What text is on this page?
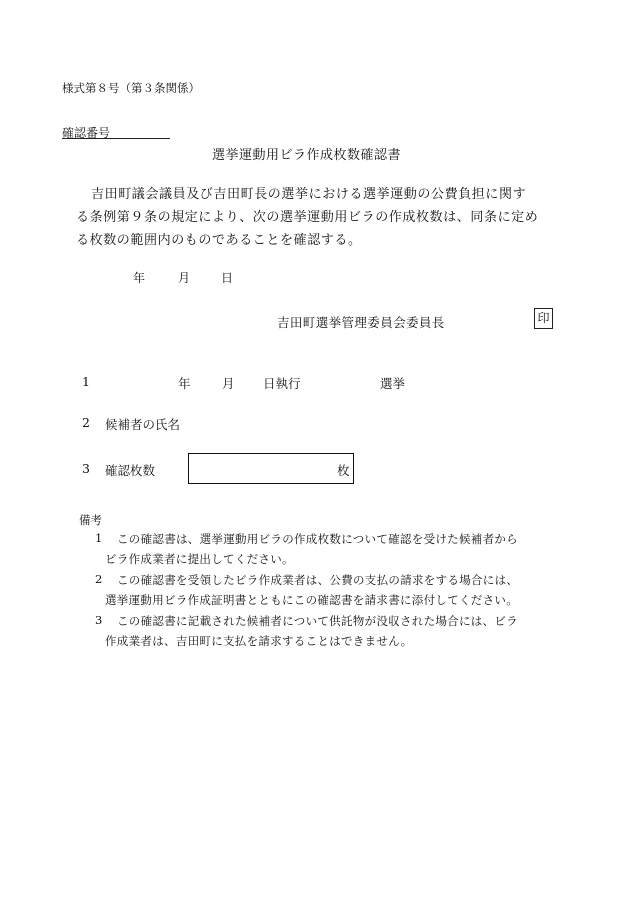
様式第８号（第３条関係）
確認番号
選挙運動用ビラ作成枚数確認書
吉田町議会議員及び吉田町長の選挙における選挙運動の公費負担に関す
る条例第９条の規定により、次の選挙運動用ビラの作成枚数は、同条に定め
る枚数の範囲内のものであることを確認する。
年	月	日
吉田町選挙管理委員会委員長	印
1	年	月 日執行	選挙
2 候補者の氏名
3 確認枚数	枚
備考
1 この確認書は、選挙運動用ビラの作成枚数について確認を受けた候補者から
ビラ作成業者に提出してください。
2 この確認書を受領したビラ作成業者は、公費の支払の請求をする場合には、
選挙運動用ビラ作成証明書とともにこの確認書を請求書に添付してください。
3 この確認書に記載された候補者について供託物が没収された場合には、ビラ
作成業者は、吉田町に支払を請求することはできません。
